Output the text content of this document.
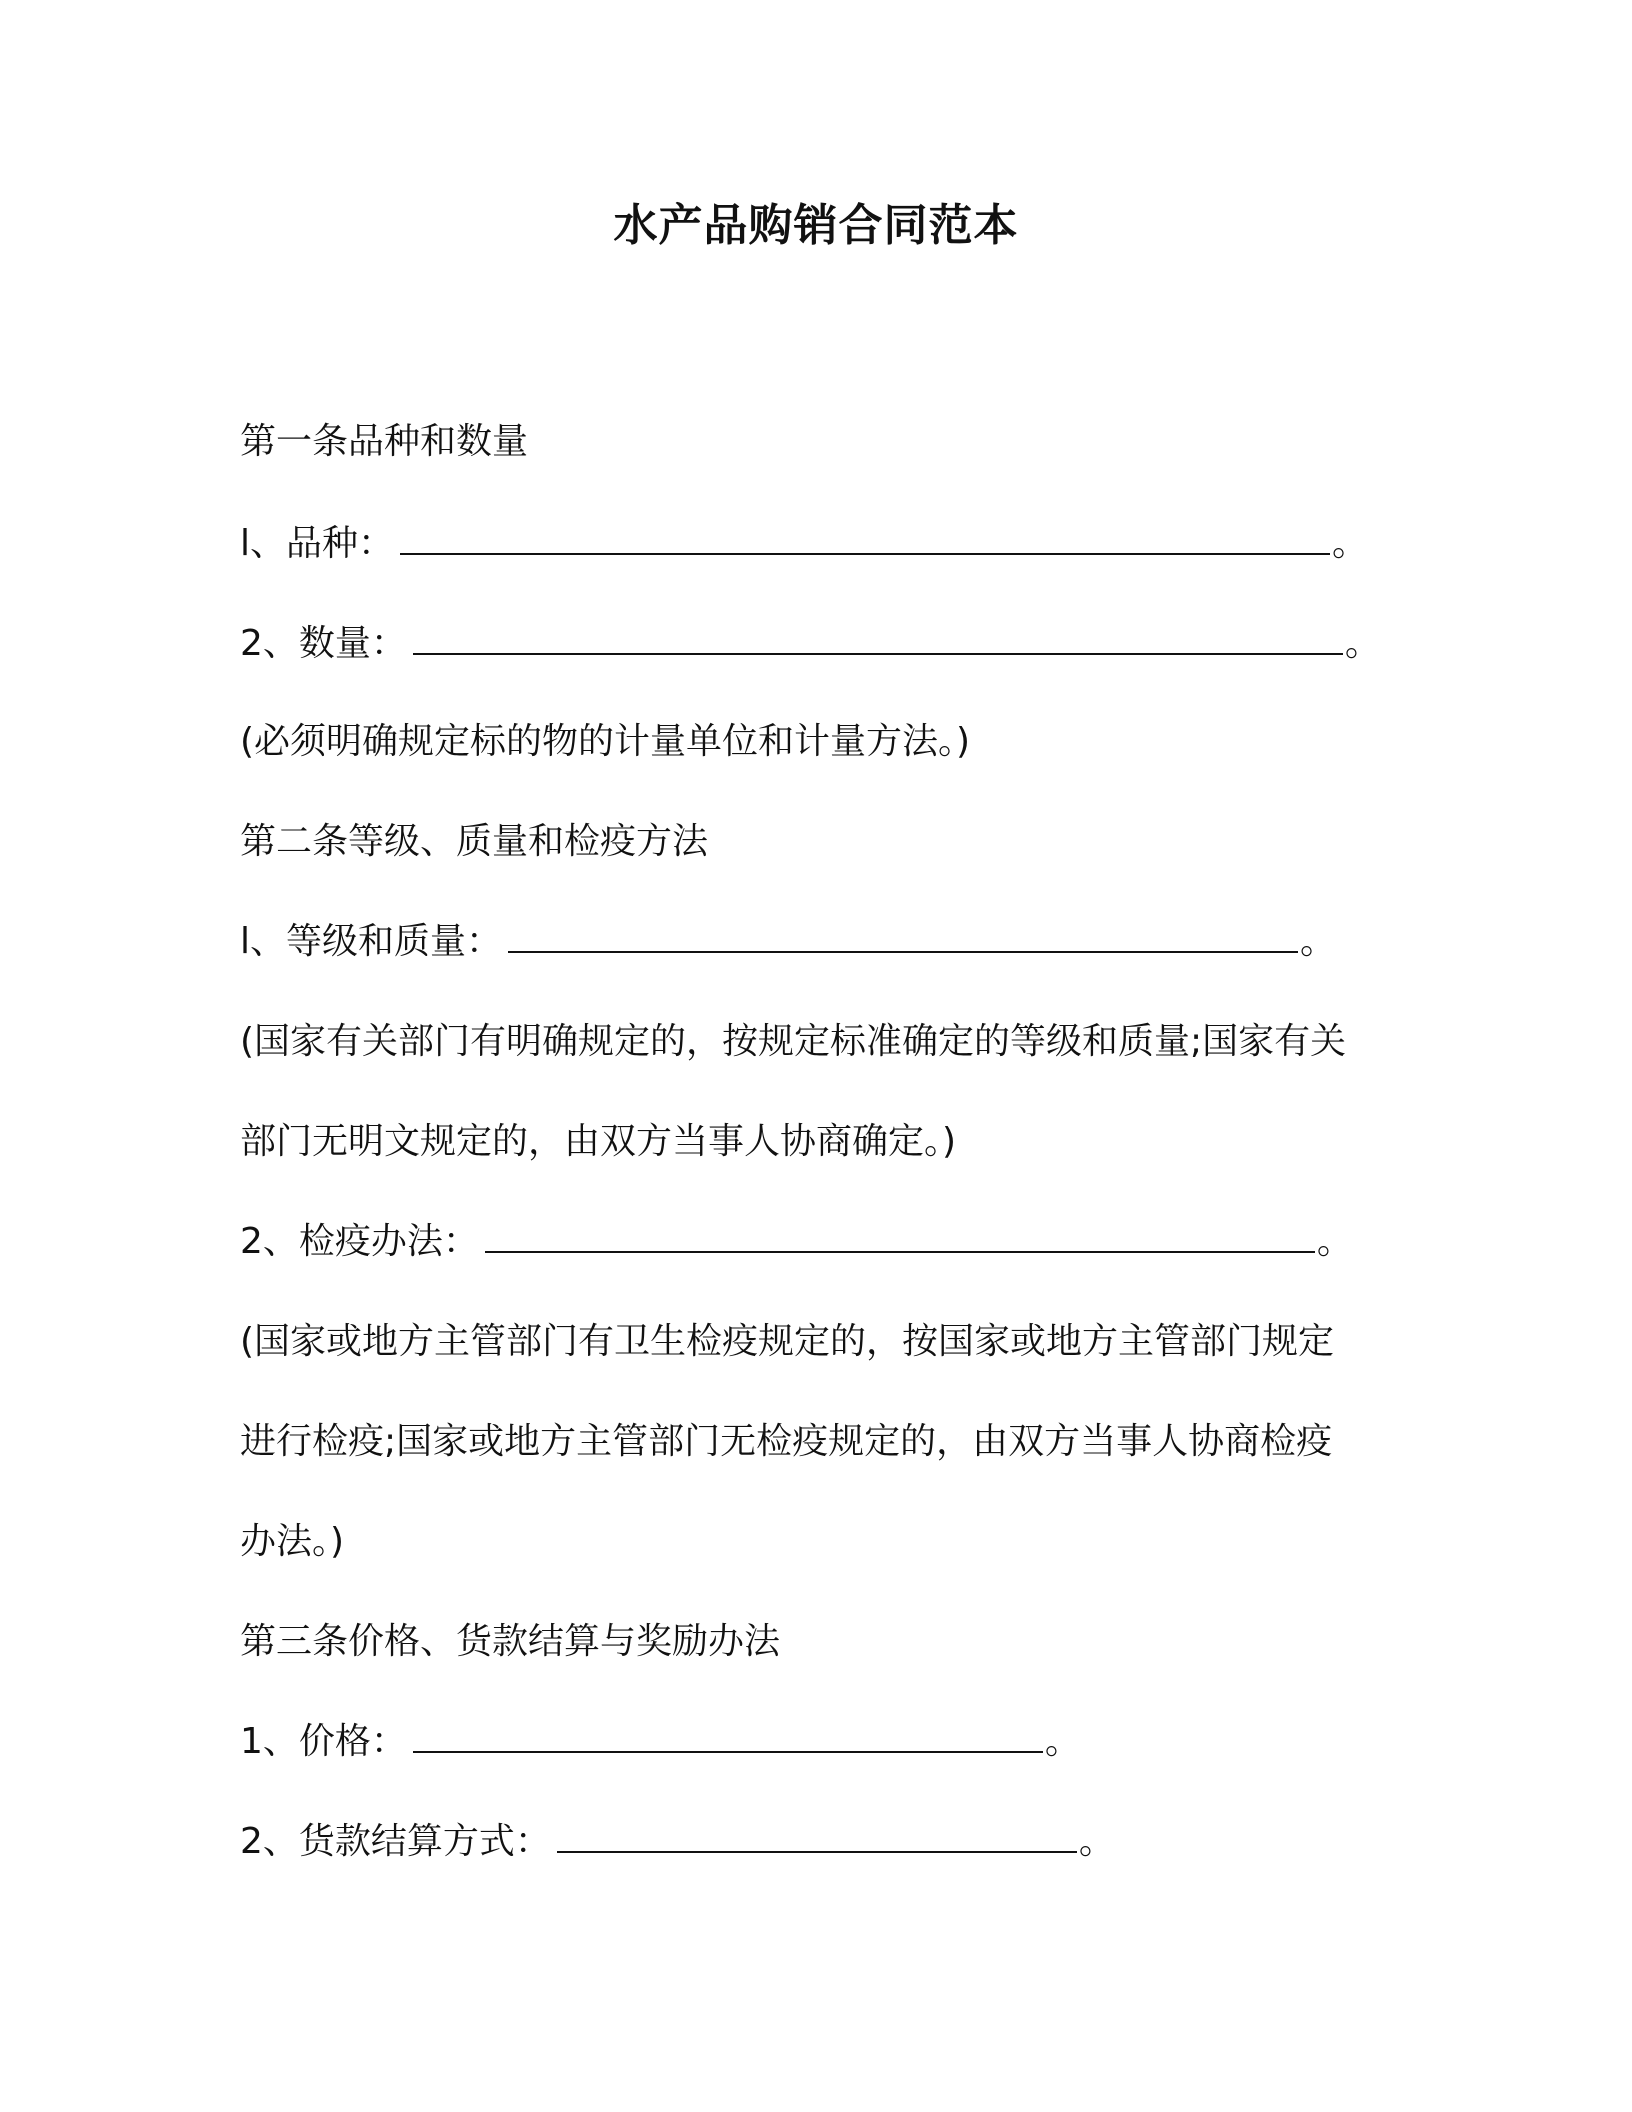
水产品购销合同范本
第一条品种和数量
l、品种：	。
2、数量：	。
(必须明确规定标的物的计量单位和计量方法。)
第二条等级、质量和检疫方法
l、等级和质量：	。
(国家有关部门有明确规定的，按规定标准确定的等级和质量;国家有关
部门无明文规定的，由双方当事人协商确定。)
2、检疫办法：	。
(国家或地方主管部门有卫生检疫规定的，按国家或地方主管部门规定
进行检疫;国家或地方主管部门无检疫规定的，由双方当事人协商检疫
办法。)
第三条价格、货款结算与奖励办法
1、价格：	。
2、货款结算方式：	。
